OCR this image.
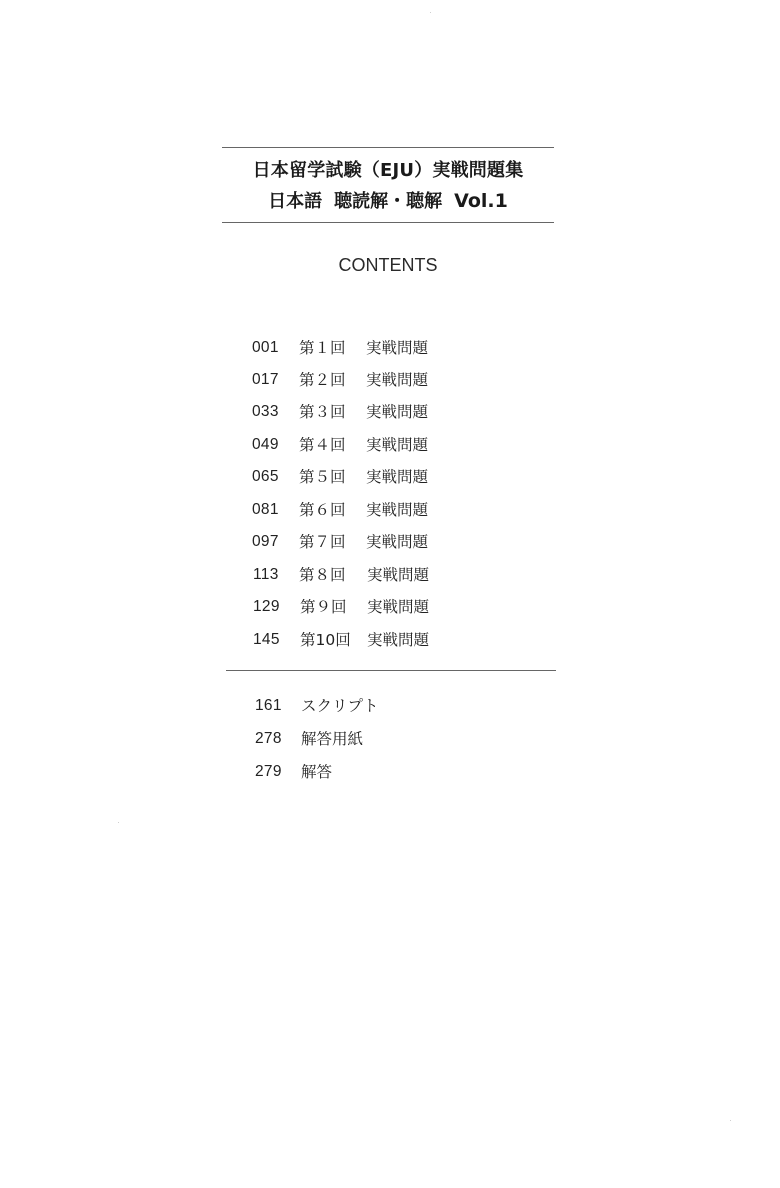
日本留学試験（EJU）実戦問題集
日本語 聴読解・聴解 Vol.1
CONTENTS
001 第１回 実戦問題
017 第２回 実戦問題
033 第３回 実戦問題
049 第４回 実戦問題
065 第５回 実戦問題
081 第６回 実戦問題
097 第７回 実戦問題
113 第８回 実戦問題
129 第９回 実戦問題
145 第10回 実戦問題
161 スクリプト
278 解答用紙
279 解答
